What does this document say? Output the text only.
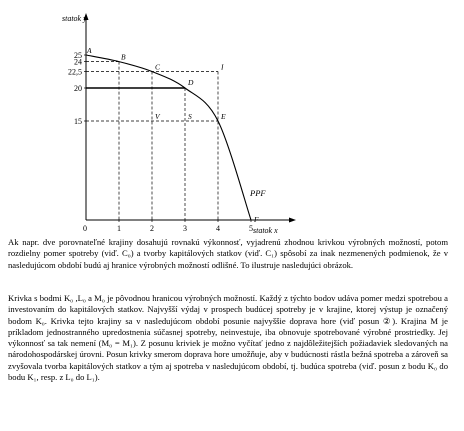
statok y
statok x
PPF
0
25
24
22,5
20
15
1	2	3	4	5
A
B
C
D
E
F
I
V	S
Ak napr. dve porovnateľné krajiny dosahujú rovnakú výkonnosť, vyjadrenú zhodnou krivkou výrobných možností, potom rozdielny pomer spotreby (viď. C₀) a tvorby kapitálových statkov (viď. C₁) spôsobí za inak nezmenených podmienok, že v nasledujúcom období budú aj hranice výrobných možností odlišné. To ilustruje nasledujúci obrázok.
Krivka s bodmi K₀ ,L₀ a M₀ je pôvodnou hranicou výrobných možností. Každý z týchto bodov udáva pomer medzi spotrebou a investovaním do kapitálových statkov. Najvyšší výdaj v prospech budúcej spotreby je v krajine, ktorej výstup je označený bodom K₀. Krivka tejto krajiny sa v nasledujúcom období posunie najvyššie doprava hore (viď posun ②). Krajina M je príkladom jednostranného upredostnenia súčasnej spotreby, neinvestuje, iba obnovuje spotrebované výrobné prostriedky. Jej výkonnosť sa tak nemení (M₀ = M₁). Z posunu kriviek je možno vyčítať jedno z najdôležitejších požiadaviek sledovaných na národohospodárskej úrovni. Posun krivky smerom doprava hore umožňuje, aby v budúcnosti rástla bežná spotreba a zároveň sa zvyšovala tvorba kapitálových statkov a tým aj spotreba v nasledujúcom období, tj. budúca spotreba (viď. posun z bodu K₀ do bodu K₁, resp. z L₀ do L₁).
